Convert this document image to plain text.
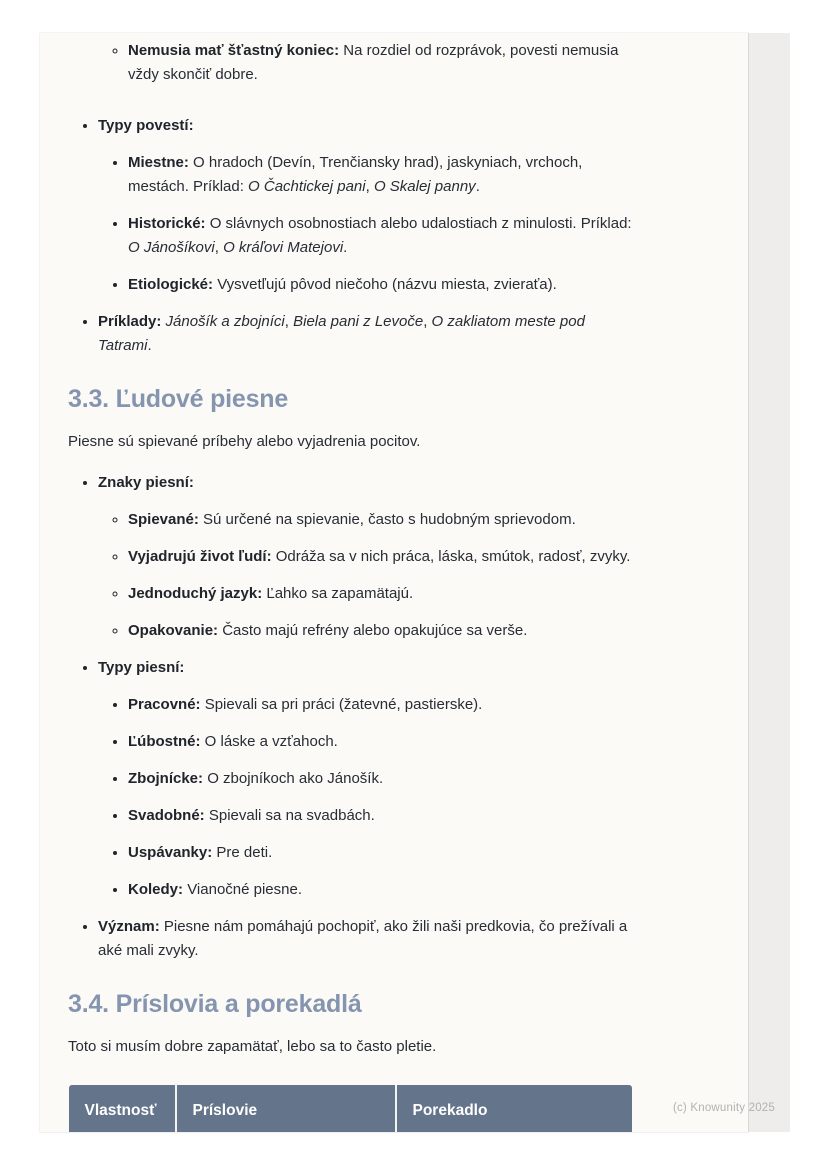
◦ Nemusia mať šťastný koniec: Na rozdiel od rozprávok, povesti nemusia vždy skončiť dobre.
• Typy povestí:
• Miestne: O hradoch (Devín, Trenčiansky hrad), jaskyniach, vrchoch, mestách. Príklad: O Čachtickej pani, O Skalej panny.
• Historické: O slávnych osobnostiach alebo udalostiach z minulosti. Príklad: O Jánošíkovi, O kráľovi Matejovi.
• Etiologické: Vysvetľujú pôvod niečoho (názvu miesta, zvieraťa).
• Príklady: Jánošík a zbojníci, Biela pani z Levoče, O zakliatom meste pod Tatrami.
3.3. Ľudové piesne

Piesne sú spievané príbehy alebo vyjadrenia pocitov.

• Znaky piesní:
◦ Spievané: Sú určené na spievanie, často s hudobným sprievodom.
◦ Vyjadrujú život ľudí: Odráža sa v nich práca, láska, smútok, radosť, zvyky.
◦ Jednoduchý jazyk: Ľahko sa zapamätajú.
◦ Opakovanie: Často majú refrény alebo opakujúce sa verše.
• Typy piesní:
• Pracovné: Spievali sa pri práci (žatevné, pastierske).
• Ľúbostné: O láske a vzťahoch.
• Zbojnícke: O zbojníkoch ako Jánošík.
• Svadobné: Spievali sa na svadbách.
• Uspávanky: Pre deti.
• Koledy: Vianočné piesne.
• Význam: Piesne nám pomáhajú pochopiť, ako žili naši predkovia, čo prežívali a aké mali zvyky.
3.4. Príslovia a porekadlá

Toto si musím dobre zapamätať, lebo sa to často pletie.

Vlastnosť	Príslovie	Porekadlo
			(c) Knowunity 2025
